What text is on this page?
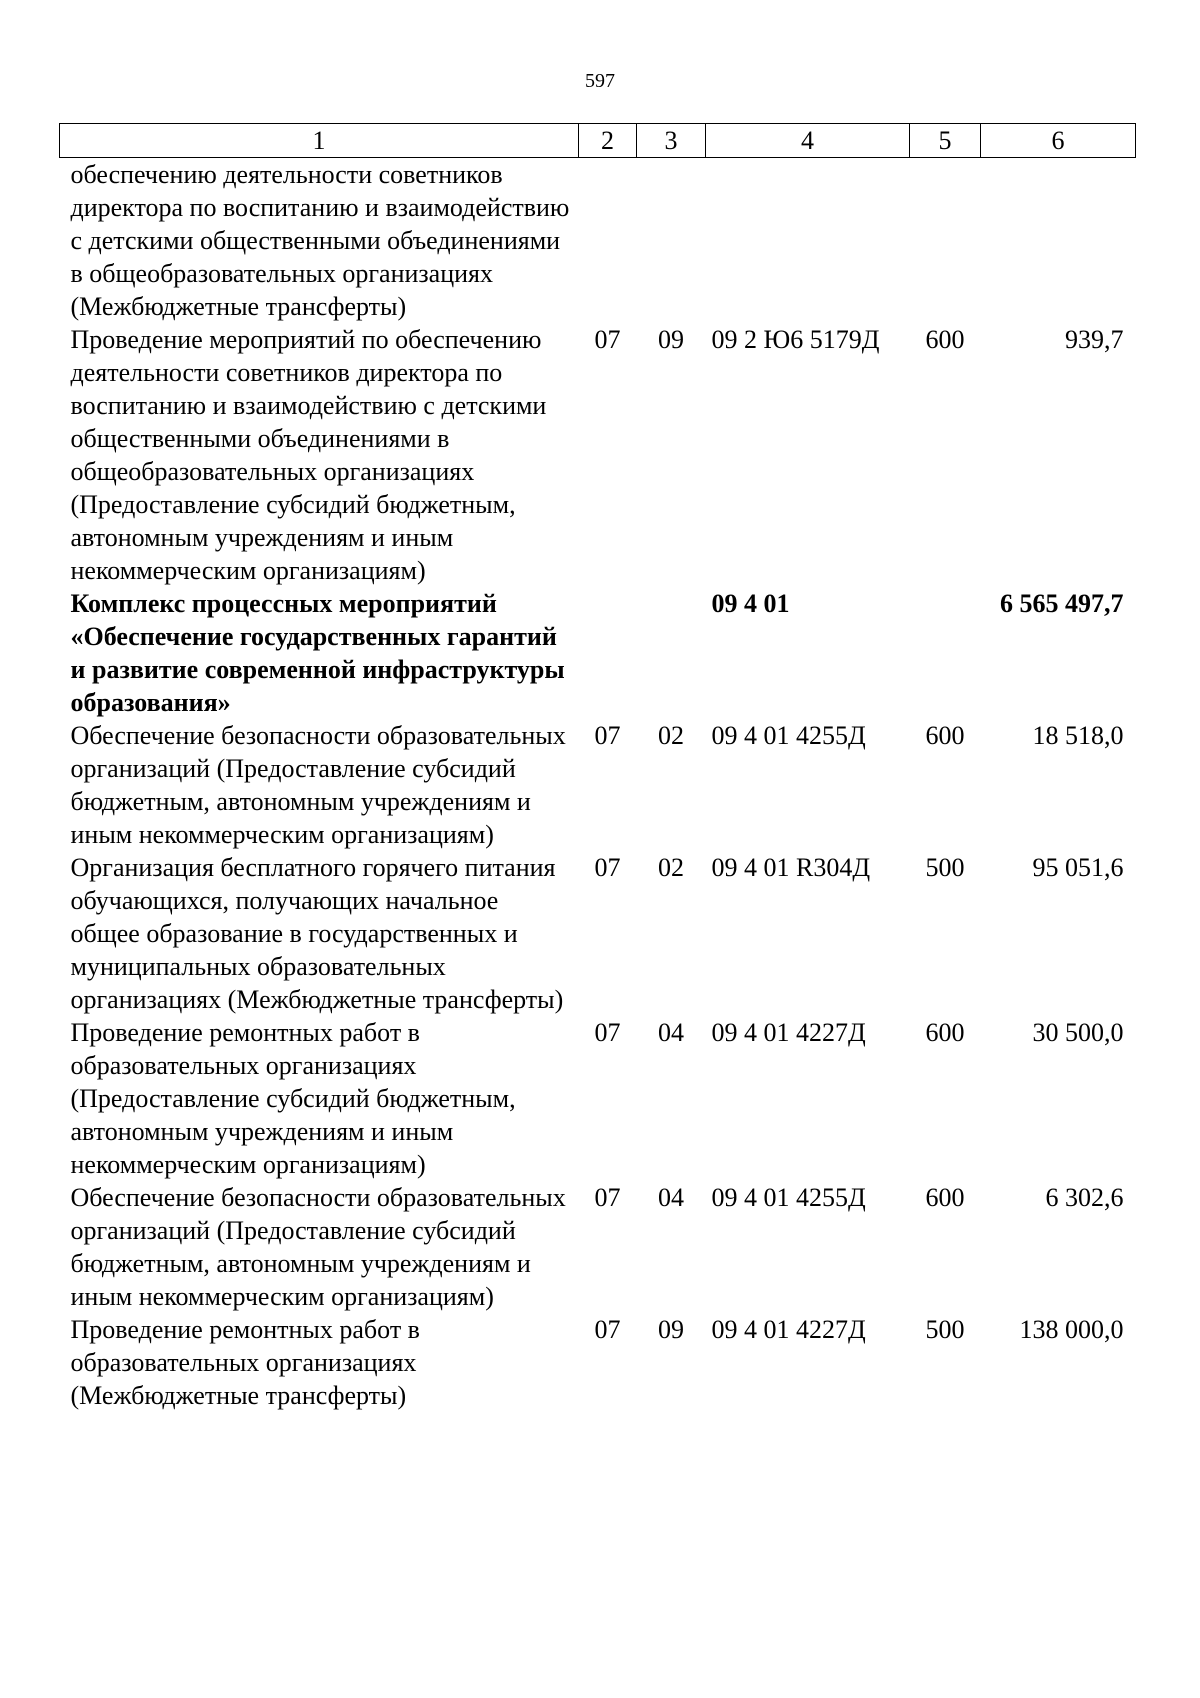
597
1	2	3	4	5	6
обеспечению деятельности советников директора по воспитанию и взаимодействию с детскими общественными объединениями в общеобразовательных организациях (Межбюджетные трансферты)					
Проведение мероприятий по обеспечению деятельности советников директора по воспитанию и взаимодействию с детскими общественными объединениями в общеобразовательных организациях (Предоставление субсидий бюджетным, автономным учреждениям и иным некоммерческим организациям)	07	09	09 2 Ю6 5179Д	600	939,7
Комплекс процессных мероприятий «Обеспечение государственных гарантий и развитие современной инфраструктуры образования»			09 4 01		6 565 497,7
Обеспечение безопасности образовательных организаций (Предоставление субсидий бюджетным, автономным учреждениям и иным некоммерческим организациям)	07	02	09 4 01 4255Д	600	18 518,0
Организация бесплатного горячего питания обучающихся, получающих начальное общее образование в государственных и муниципальных образовательных организациях (Межбюджетные трансферты)	07	02	09 4 01 R304Д	500	95 051,6
Проведение ремонтных работ в образовательных организациях (Предоставление субсидий бюджетным, автономным учреждениям и иным некоммерческим организациям)	07	04	09 4 01 4227Д	600	30 500,0
Обеспечение безопасности образовательных организаций (Предоставление субсидий бюджетным, автономным учреждениям и иным некоммерческим организациям)	07	04	09 4 01 4255Д	600	6 302,6
Проведение ремонтных работ в образовательных организациях (Межбюджетные трансферты)	07	09	09 4 01 4227Д	500	138 000,0
